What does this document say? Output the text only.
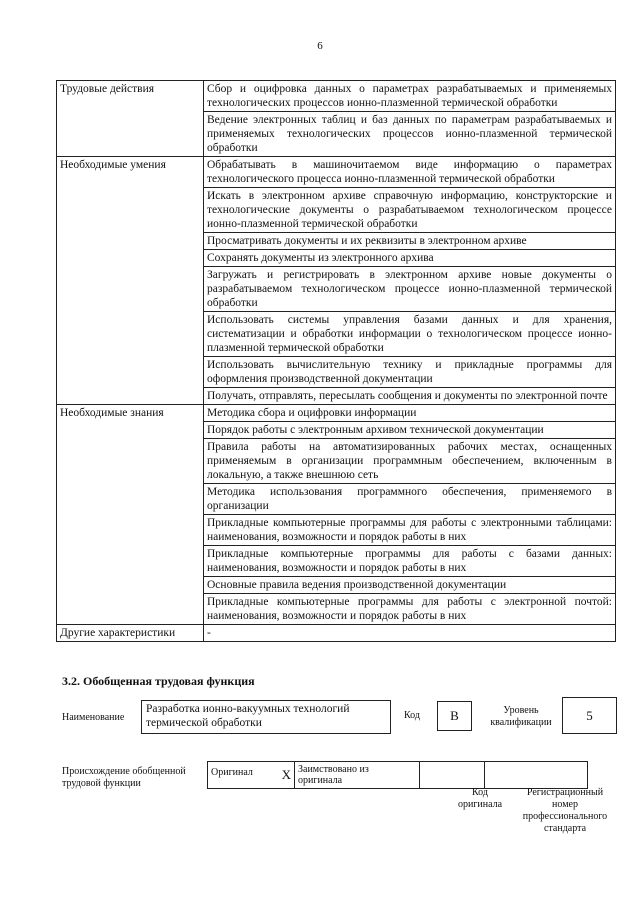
6
Трудовые действия	Сбор и оцифровка данных о параметрах разрабатываемых и применяемых технологических процессов ионно-плазменной термической обработки
	Ведение электронных таблиц и баз данных по параметрам разрабатываемых и применяемых технологических процессов ионно-плазменной термической обработки
Необходимые умения	Обрабатывать в машиночитаемом виде информацию о параметрах технологического процесса ионно-плазменной термической обработки
	Искать в электронном архиве справочную информацию, конструкторские и технологические документы о разрабатываемом технологическом процессе ионно-плазменной термической обработки
	Просматривать документы и их реквизиты в электронном архиве
	Сохранять документы из электронного архива
	Загружать и регистрировать в электронном архиве новые документы о разрабатываемом технологическом процессе ионно-плазменной термической обработки
	Использовать системы управления базами данных и для хранения, систематизации и обработки информации о технологическом процессе ионно-плазменной термической обработки
	Использовать вычислительную технику и прикладные программы для оформления производственной документации
	Получать, отправлять, пересылать сообщения и документы по электронной почте
Необходимые знания	Методика сбора и оцифровки информации
	Порядок работы с электронным архивом технической документации
	Правила работы на автоматизированных рабочих местах, оснащенных применяемым в организации программным обеспечением, включенным в локальную, а также внешнюю сеть
	Методика использования программного обеспечения, применяемого в организации
	Прикладные компьютерные программы для работы с электронными таблицами: наименования, возможности и порядок работы в них
	Прикладные компьютерные программы для работы с базами данных: наименования, возможности и порядок работы в них
	Основные правила ведения производственной документации
	Прикладные компьютерные программы для работы с электронной почтой: наименования, возможности и порядок работы в них
Другие характеристики	-
3.2. Обобщенная трудовая функция
Наименование
Разработка ионно-вакуумных технологий термической обработки
Код	B	Уровень
квалификации	5
Происхождение обобщенной
трудовой функции
Оригинал X	Заимствовано из
оригинала

Код
оригинала
Регистрационный
номер
профессионального
стандарта
